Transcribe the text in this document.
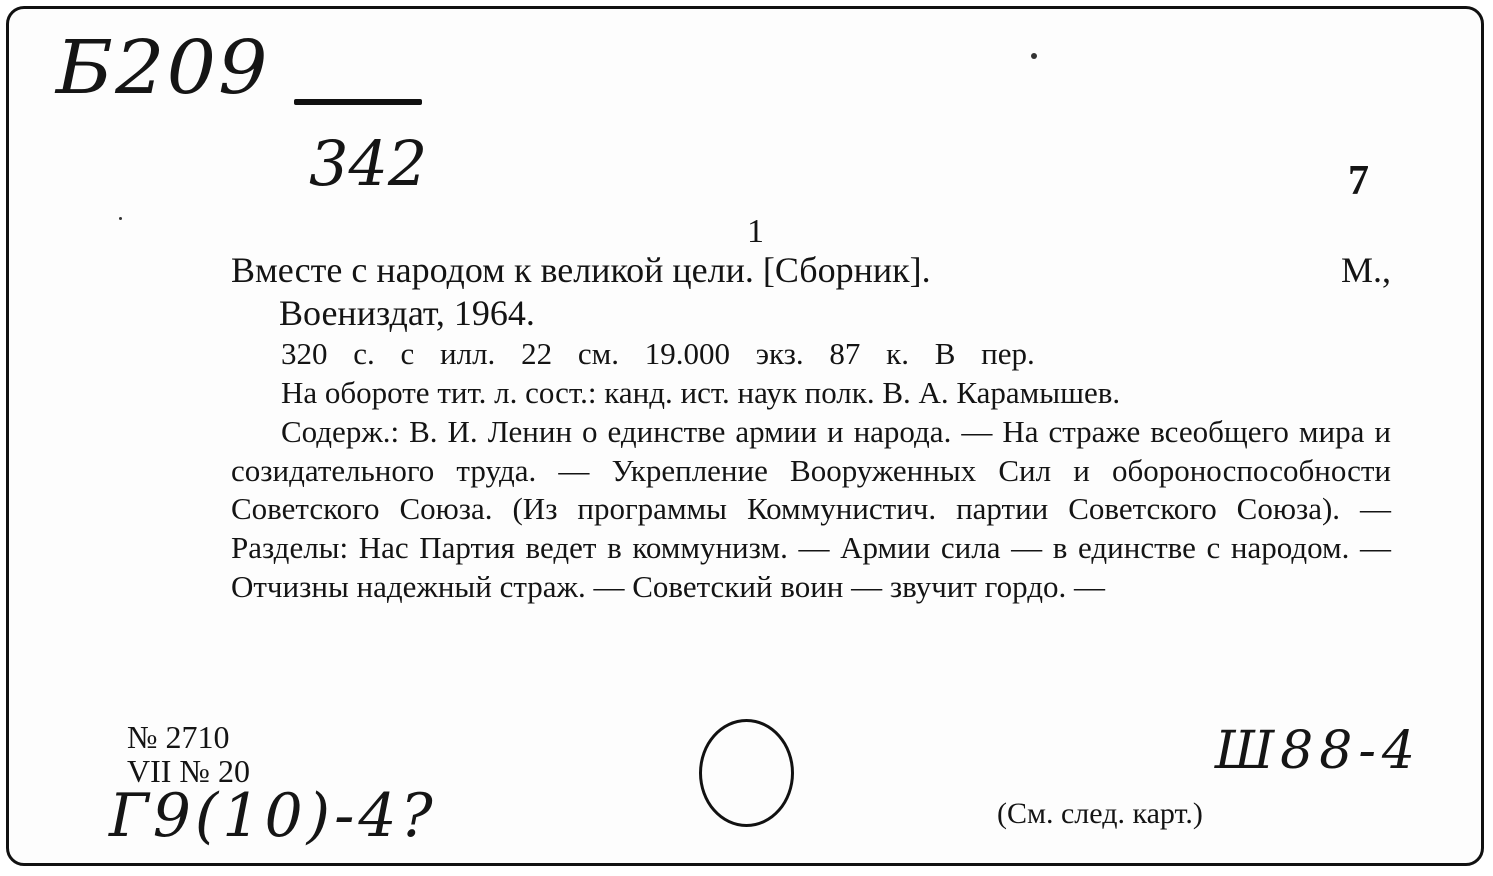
Б209
342	7
1
Вместе с народом к великой цели. [Сборник].	М.,
Воениздат, 1964.
320 с. с илл. 22 см. 19.000 экз. 87 к. В пер.

На обороте тит. л. сост.: канд. ист. наук полк. В. А. Карамышев.

Содерж.: В. И. Ленин о единстве армии и народа. — На страже всеобщего мира и созидательного труда. — Укрепление Вооруженных Сил и обороноспособности Советского Союза. (Из программы Коммунистич. партии Советского Союза). — Разделы: Нас Партия ведет в коммунизм. — Армии сила — в единстве с народом. — Отчизны надежный страж. — Советский воин — звучит гордо. —

№ 2710
VII № 20
Г9(10)-4?
Ш88-4
(См. след. карт.)
